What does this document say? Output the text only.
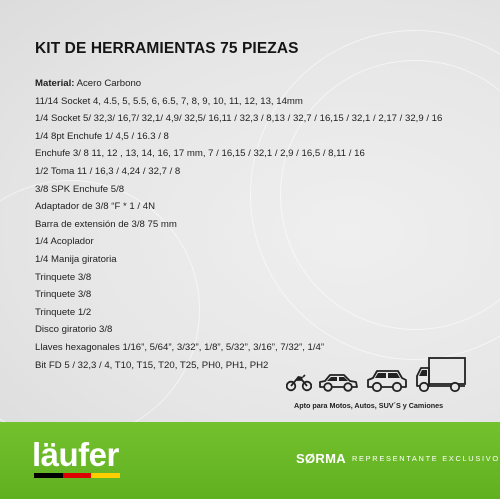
KIT DE HERRAMIENTAS 75 PIEZAS
Material: Acero Carbono
11/14 Socket 4, 4.5, 5, 5.5, 6, 6.5, 7, 8, 9, 10, 11, 12, 13, 14mm
1/4 Socket 5/ 32,3/ 16,7/ 32,1/ 4,9/ 32,5/ 16,11 / 32,3 / 8,13 / 32,7 / 16,15 / 32,1 / 2,17 / 32,9 / 16
1/4 8pt Enchufe 1/ 4,5 / 16.3 / 8
Enchufe 3/ 8 11, 12 , 13, 14, 16, 17 mm, 7 / 16,15 / 32,1 / 2,9 / 16,5 / 8,11 / 16
1/2 Toma 11 / 16,3 / 4,24 / 32,7 / 8
3/8 SPK Enchufe 5/8
Adaptador de 3/8 “F * 1 / 4N
Barra de extensión de 3/8 75 mm
1/4 Acoplador
1/4 Manija giratoria
Trinquete 3/8
Trinquete 3/8
Trinquete 1/2
Disco giratorio 3/8
Llaves hexagonales 1/16”, 5/64”, 3/32”, 1/8”, 5/32”, 3/16”, 7/32”, 1/4”
Bit FD 5 / 32,3 / 4, T10, T15, T20, T25, PH0, PH1, PH2
Apto para Motos, Autos, SUV´S y Camiones
läufer	SØRMA REPRESENTANTE EXCLUSIVO
